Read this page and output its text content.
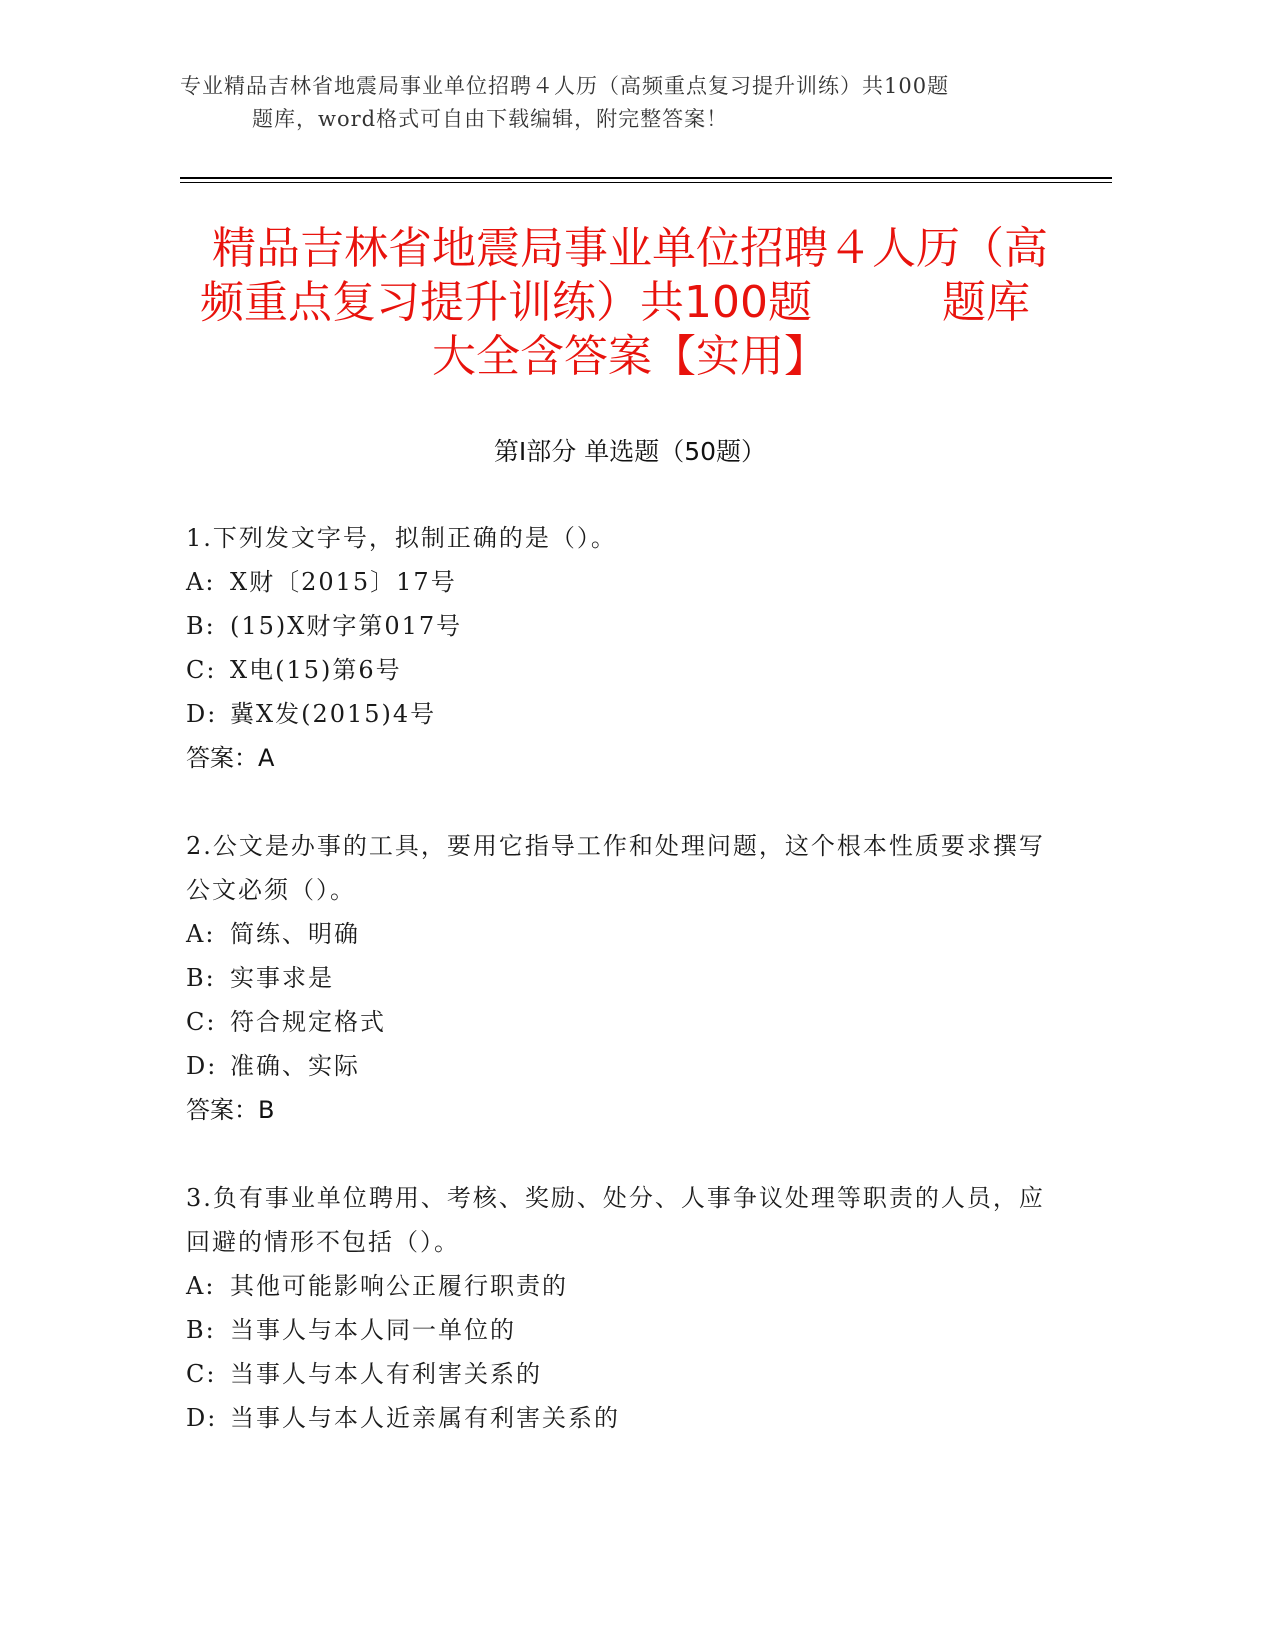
专业精品吉林省地震局事业单位招聘４人历（高频重点复习提升训练）共100题
题库，word格式可自由下载编辑，附完整答案！
精品吉林省地震局事业单位招聘４人历（高
频重点复习提升训练）共100题	题库
大全含答案【实用】
第Ⅰ部分 单选题（50题）
1.下列发文字号，拟制正确的是（）。
A: X财〔2015〕17号
B: (15)X财字第017号
C: X电(15)第6号
D: 冀X发(2015)4号
答案：A
2.公文是办事的工具，要用它指导工作和处理问题，这个根本性质要求撰写公文必须（）。
A: 简练、明确
B: 实事求是
C: 符合规定格式
D: 准确、实际
答案：B
3.负有事业单位聘用、考核、奖励、处分、人事争议处理等职责的人员，应回避的情形不包括（）。
A: 其他可能影响公正履行职责的
B: 当事人与本人同一单位的
C: 当事人与本人有利害关系的
D: 当事人与本人近亲属有利害关系的
